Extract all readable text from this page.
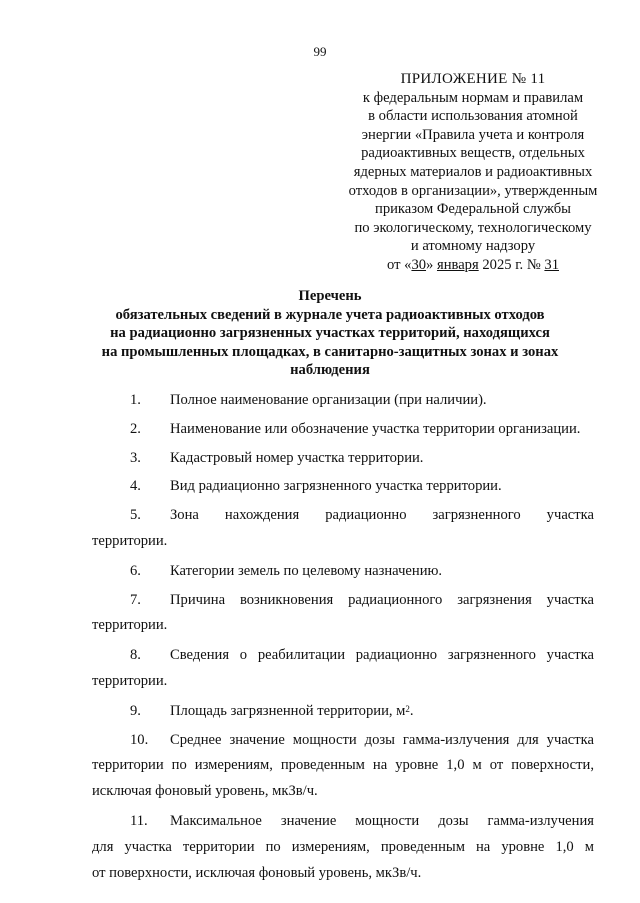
99
ПРИЛОЖЕНИЕ № 11
к федеральным нормам и правилам
в области использования атомной
энергии «Правила учета и контроля
радиоактивных веществ, отдельных
ядерных материалов и радиоактивных
отходов в организации», утвержденным
приказом Федеральной службы
по экологическому, технологическому
и атомному надзору
от «30» января 2025 г. № 31
Перечень
обязательных сведений в журнале учета радиоактивных отходов
на радиационно загрязненных участках территорий, находящихся
на промышленных площадках, в санитарно-защитных зонах и зонах
наблюдения
1. Полное наименование организации (при наличии).
2. Наименование или обозначение участка территории организации.
3. Кадастровый номер участка территории.
4. Вид радиационно загрязненного участка территории.
5. Зона нахождения радиационно загрязненного участка
территории.
6. Категории земель по целевому назначению.
7. Причина возникновения радиационного загрязнения участка
территории.
8. Сведения о реабилитации радиационно загрязненного участка
территории.
9. Площадь загрязненной территории, $м^2$.
10. Среднее значение мощности дозы гамма-излучения для участка
территории по измерениям, проведенным на уровне 1,0 м от поверхности,
исключая фоновый уровень, мкЗв/ч.
11. Максимальное значение мощности дозы гамма-излучения
для участка территории по измерениям, проведенным на уровне 1,0 м
от поверхности, исключая фоновый уровень, мкЗв/ч.
